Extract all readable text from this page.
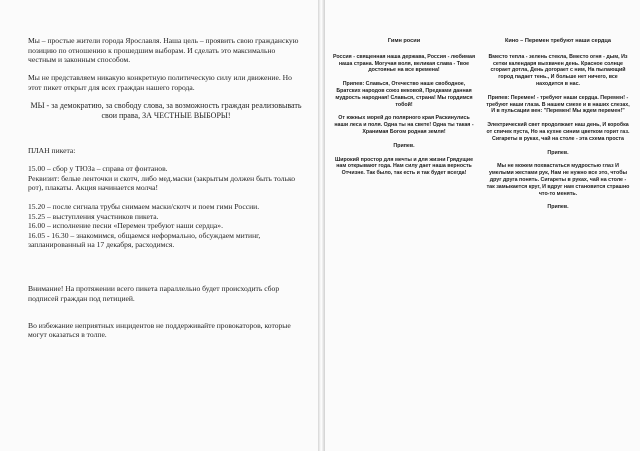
Мы – простые жители города Ярославля. Наша цель – проявить свою гражданскую позицию по отношению к прошедшим выборам. И сделать это максимально честным и законным способом.

Мы не представляем никакую конкретную политическую силу или движение. Но этот пикет открыт для всех граждан нашего города.

МЫ - за демократию, за свободу слова, за возможность граждан реализовывать свои права, ЗА ЧЕСТНЫЕ ВЫБОРЫ!

ПЛАН пикета:

15.00 – сбор у ТЮЗа – справа от фонтанов.

Реквизит: белые ленточки и скотч, либо мед.маски (закрытым должен быть только рот), плакаты. Акция начинается молча!

15.20 – после сигнала трубы снимаем маски/скотч и поем гимн России.

15.25 – выступления участников пикета.

16.00 – исполнение песни «Перемен требуют наши сердца».

16.05 - 16.30 – знакомимся, общаемся неформально, обсуждаем митинг, запланированный на 17 декабря, расходимся.

Внимание! На протяжении всего пикета параллельно будет происходить сбор подписей граждан под петицией.

Во избежание неприятных инцидентов не поддерживайте провокаторов, которые могут оказаться в толпе.

Гимн росии

Россия - священная наша держава, Россия - любимая наша страна. Могучая воля, великая слава - Твое достоянье на все времена!

Припев: Славься, Отечество наше свободное, Братских народов союз вековой, Предками данная мудрость народная! Славься, страна! Мы гордимся тобой!

От южных морей до полярного края Раскинулись наши леса и поля. Одна ты на свете! Одна ты такая - Хранимая Богом родная земля!

Припев.

Широкий простор для мечты и для жизни Грядущие нам открывают года. Нам силу дает наша верность Отчизне. Так было, так есть и так будет всегда!

Кино – Перемен требуют наши сердца

Вместо тепла - зелень стекла, Вместо огня - дым, Из сетки календаря выхвачен день. Красное солнце сгорает дотла, День догорает с ним, На пылающий город падает тень., И больше нет ничего, все находится в нас.

Припев: Перемен! - требуют наши сердца. Перемен! - требуют наши глаза. В нашем смехе и в наших слезах, И в пульсации вен: "Перемен! Мы ждем перемен!"

Электрический свет продолжает наш день, И коробка от спичек пуста, Но на кухне синим цветком горит газ. Сигареты в руках, чай на столе - эта схема проста

Припев.

Мы не можем похвастаться мудростью глаз И умелыми жестами рук, Нам не нужно все это, чтобы друг друга понять. Сигареты в руках, чай на столе - так замыкается круг, И вдруг нам становится страшно что-то менять.

Припев.
